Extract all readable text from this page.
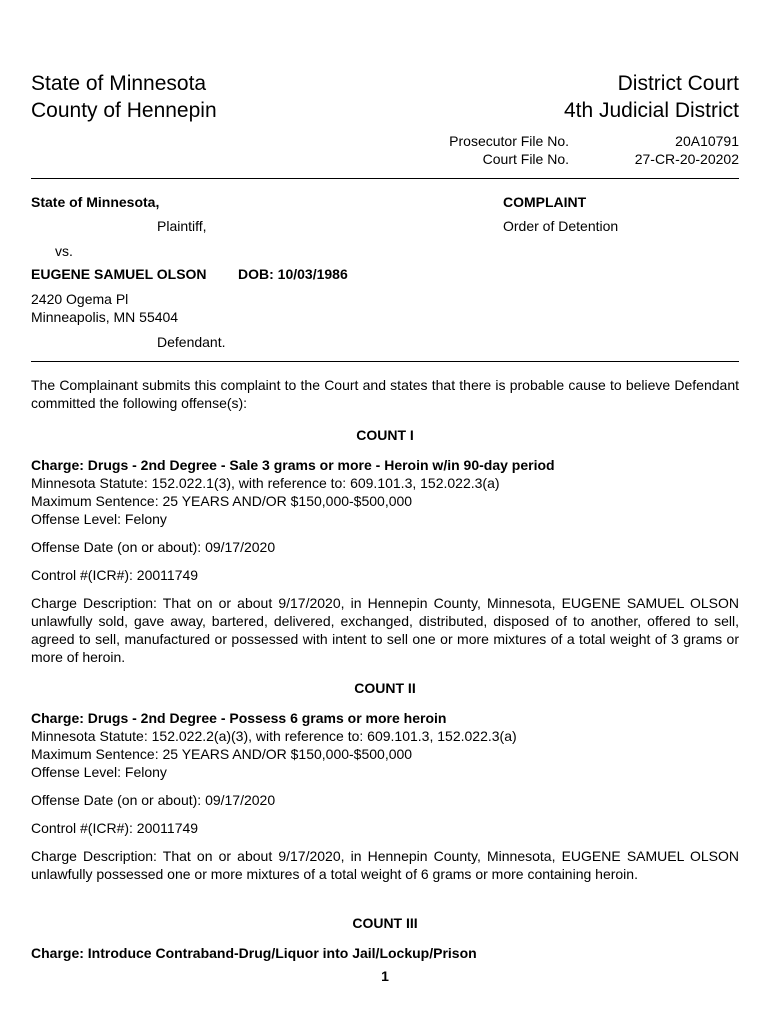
State of Minnesota
County of Hennepin
District Court
4th Judicial District
Prosecutor File No.	20A10791
Court File No.	27-CR-20-20202
State of Minnesota,
Plaintiff,
vs.
EUGENE SAMUEL OLSON DOB: 10/03/1986
2420 Ogema Pl
Minneapolis, MN 55404
Defendant.
COMPLAINT
Order of Detention
The Complainant submits this complaint to the Court and states that there is probable cause to believe Defendant committed the following offense(s):
COUNT I
Charge: Drugs - 2nd Degree - Sale 3 grams or more - Heroin w/in 90-day period
Minnesota Statute: 152.022.1(3), with reference to: 609.101.3, 152.022.3(a)
Maximum Sentence: 25 YEARS AND/OR $150,000-$500,000
Offense Level: Felony
Offense Date (on or about): 09/17/2020
Control #(ICR#): 20011749
Charge Description: That on or about 9/17/2020, in Hennepin County, Minnesota, EUGENE SAMUEL OLSON unlawfully sold, gave away, bartered, delivered, exchanged, distributed, disposed of to another, offered to sell, agreed to sell, manufactured or possessed with intent to sell one or more mixtures of a total weight of 3 grams or more of heroin.
COUNT II
Charge: Drugs - 2nd Degree - Possess 6 grams or more heroin
Minnesota Statute: 152.022.2(a)(3), with reference to: 609.101.3, 152.022.3(a)
Maximum Sentence: 25 YEARS AND/OR $150,000-$500,000
Offense Level: Felony
Offense Date (on or about): 09/17/2020
Control #(ICR#): 20011749
Charge Description: That on or about 9/17/2020, in Hennepin County, Minnesota, EUGENE SAMUEL OLSON unlawfully possessed one or more mixtures of a total weight of 6 grams or more containing heroin.
COUNT III
Charge: Introduce Contraband-Drug/Liquor into Jail/Lockup/Prison
1
